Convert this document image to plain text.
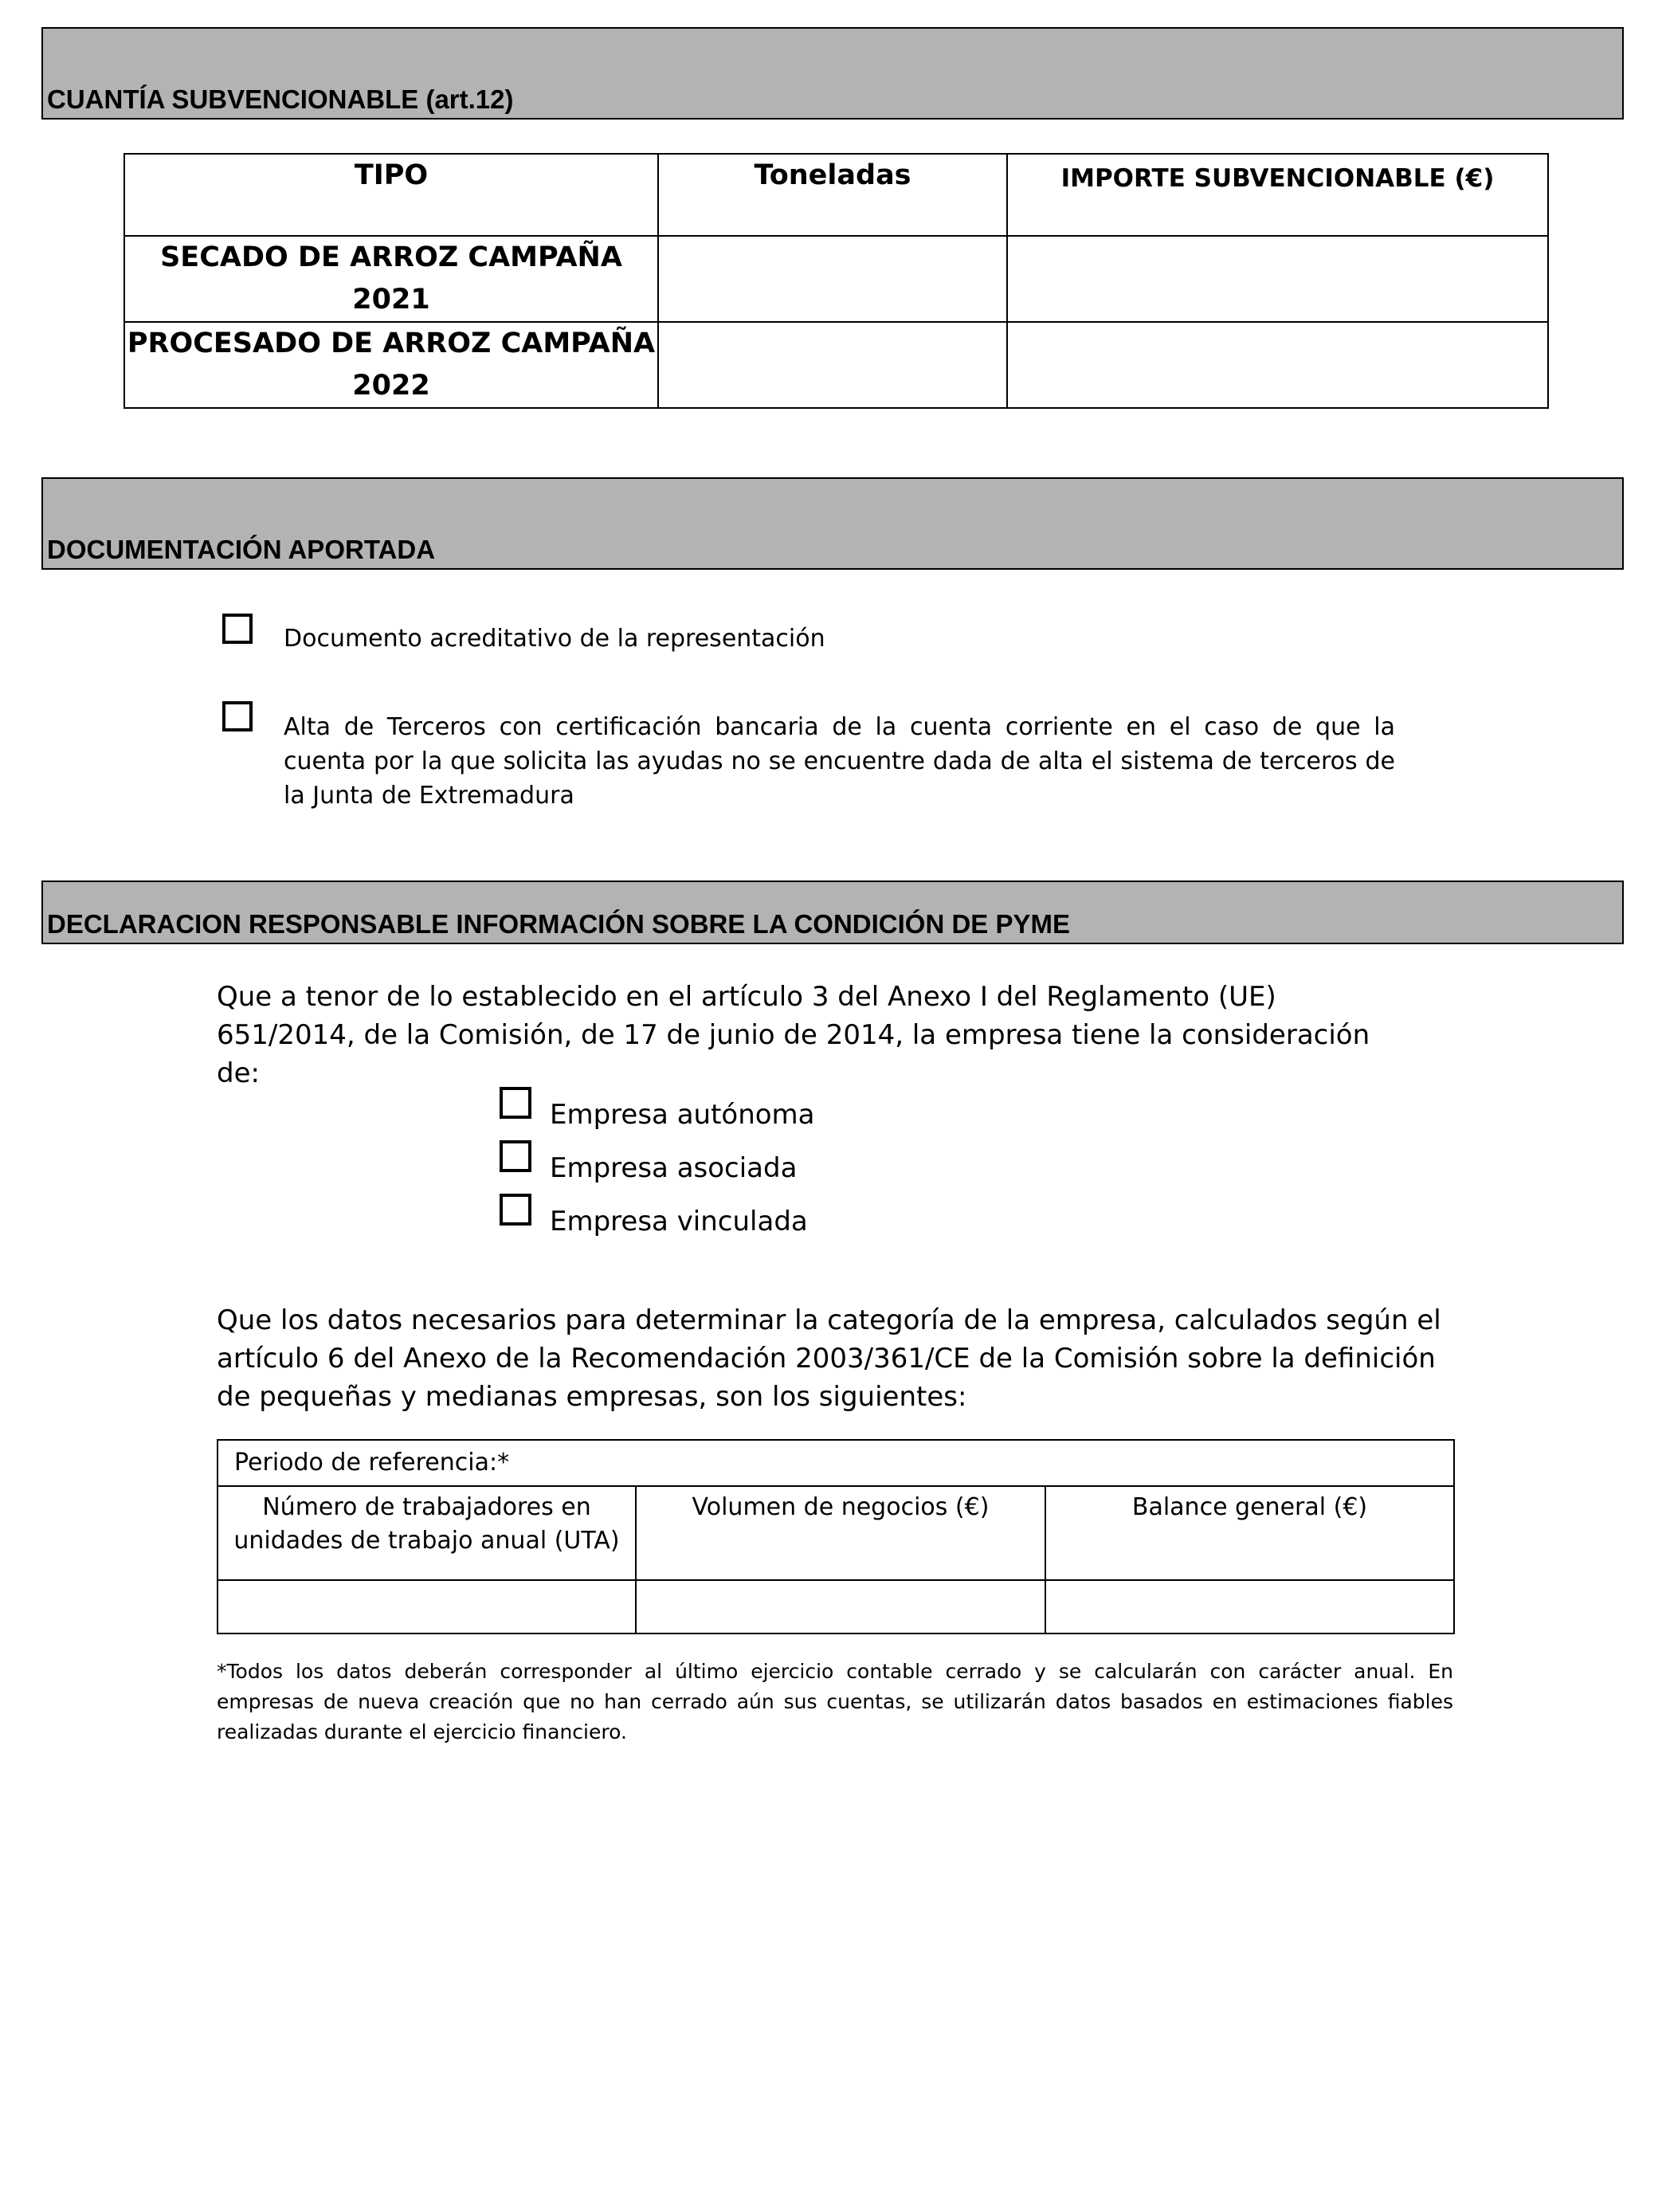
CUANTÍA SUBVENCIONABLE (art.12)
TIPO	Toneladas	IMPORTE SUBVENCIONABLE (€)
SECADO DE ARROZ CAMPAÑA 2021		
PROCESADO DE ARROZ CAMPAÑA 2022		
DOCUMENTACIÓN APORTADA
Documento acreditativo de la representación
Alta de Terceros con certificación bancaria de la cuenta corriente en el caso de que la cuenta por la que solicita las ayudas no se encuentre dada de alta el sistema de terceros de la Junta de Extremadura
DECLARACION RESPONSABLE INFORMACIÓN SOBRE LA CONDICIÓN DE PYME
Que a tenor de lo establecido en el artículo 3 del Anexo I del Reglamento (UE) 651/2014, de la Comisión, de 17 de junio de 2014, la empresa tiene la consideración de:
Empresa autónoma
Empresa asociada
Empresa vinculada
Que los datos necesarios para determinar la categoría de la empresa, calculados según el artículo 6 del Anexo de la Recomendación 2003/361/CE de la Comisión sobre la definición de pequeñas y medianas empresas, son los siguientes:
Periodo de referencia:*		
Número de trabajadores en unidades de trabajo anual (UTA)	Volumen de negocios (€)	Balance general (€)

*Todos los datos deberán corresponder al último ejercicio contable cerrado y se calcularán con carácter anual. En empresas de nueva creación que no han cerrado aún sus cuentas, se utilizarán datos basados en estimaciones fiables realizadas durante el ejercicio financiero.
